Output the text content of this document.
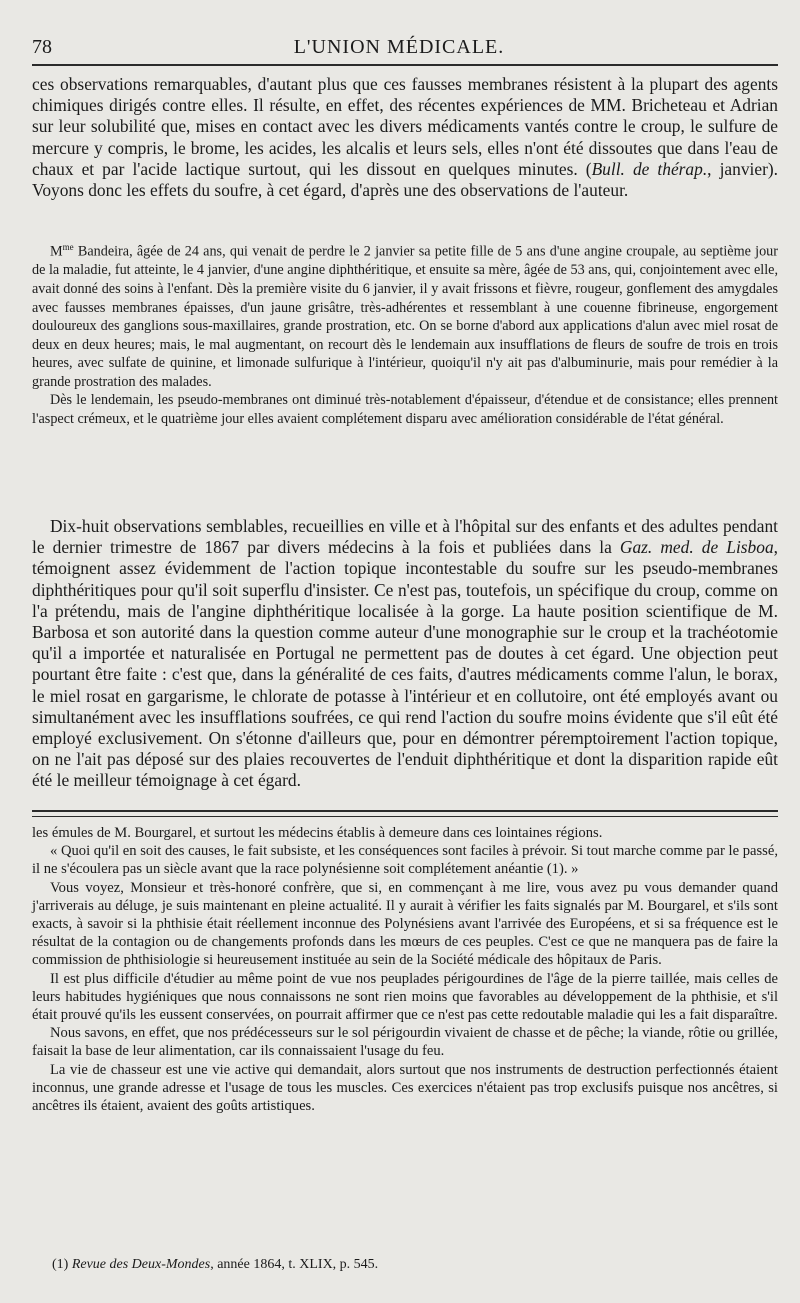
78	L'UNION MÉDICALE.

ces observations remarquables, d'autant plus que ces fausses membranes résistent à la plupart des agents chimiques dirigés contre elles. Il résulte, en effet, des récentes expériences de MM. Bricheteau et Adrian sur leur solubilité que, mises en contact avec les divers médicaments vantés contre le croup, le sulfure de mercure y compris, le brome, les acides, les alcalis et leurs sels, elles n'ont été dissoutes que dans l'eau de chaux et par l'acide lactique surtout, qui les dissout en quelques minutes. (Bull. de thérap., janvier). Voyons donc les effets du soufre, à cet égard, d'après une des observations de l'auteur.

$M^{me}$ Bandeira, âgée de 24 ans, qui venait de perdre le 2 janvier sa petite fille de 5 ans d'une angine croupale, au septième jour de la maladie, fut atteinte, le 4 janvier, d'une angine diphthéritique, et ensuite sa mère, âgée de 53 ans, qui, conjointement avec elle, avait donné des soins à l'enfant. Dès la première visite du 6 janvier, il y avait frissons et fièvre, rougeur, gonflement des amygdales avec fausses membranes épaisses, d'un jaune grisâtre, très-adhérentes et ressemblant à une couenne fibrineuse, engorgement douloureux des ganglions sous-maxillaires, grande prostration, etc. On se borne d'abord aux applications d'alun avec miel rosat de deux en deux heures; mais, le mal augmentant, on recourt dès le lendemain aux insufflations de fleurs de soufre de trois en trois heures, avec sulfate de quinine, et limonade sulfurique à l'intérieur, quoiqu'il n'y ait pas d'albuminurie, mais pour remédier à la grande prostration des malades.

Dès le lendemain, les pseudo-membranes ont diminué très-notablement d'épaisseur, d'étendue et de consistance; elles prennent l'aspect crémeux, et le quatrième jour elles avaient complétement disparu avec amélioration considérable de l'état général.

Dix-huit observations semblables, recueillies en ville et à l'hôpital sur des enfants et des adultes pendant le dernier trimestre de 1867 par divers médecins à la fois et publiées dans la Gaz. med. de Lisboa, témoignent assez évidemment de l'action topique incontestable du soufre sur les pseudo-membranes diphthéritiques pour qu'il soit superflu d'insister. Ce n'est pas, toutefois, un spécifique du croup, comme on l'a prétendu, mais de l'angine diphthéritique localisée à la gorge. La haute position scientifique de M. Barbosa et son autorité dans la question comme auteur d'une monographie sur le croup et la trachéotomie qu'il a importée et naturalisée en Portugal ne permettent pas de doutes à cet égard. Une objection peut pourtant être faite : c'est que, dans la généralité de ces faits, d'autres médicaments comme l'alun, le borax, le miel rosat en gargarisme, le chlorate de potasse à l'intérieur et en collutoire, ont été employés avant ou simultanément avec les insufflations soufrées, ce qui rend l'action du soufre moins évidente que s'il eût été employé exclusivement. On s'étonne d'ailleurs que, pour en démontrer péremptoirement l'action topique, on ne l'ait pas déposé sur des plaies recouvertes de l'enduit diphthéritique et dont la disparition rapide eût été le meilleur témoignage à cet égard.

les émules de M. Bourgarel, et surtout les médecins établis à demeure dans ces lointaines régions.

« Quoi qu'il en soit des causes, le fait subsiste, et les conséquences sont faciles à prévoir. Si tout marche comme par le passé, il ne s'écoulera pas un siècle avant que la race polynésienne soit complétement anéantie (1). »

Vous voyez, Monsieur et très-honoré confrère, que si, en commençant à me lire, vous avez pu vous demander quand j'arriverais au déluge, je suis maintenant en pleine actualité. Il y aurait à vérifier les faits signalés par M. Bourgarel, et s'ils sont exacts, à savoir si la phthisie était réellement inconnue des Polynésiens avant l'arrivée des Européens, et si sa fréquence est le résultat de la contagion ou de changements profonds dans les mœurs de ces peuples. C'est ce que ne manquera pas de faire la commission de phthisiologie si heureusement instituée au sein de la Société médicale des hôpitaux de Paris.

Il est plus difficile d'étudier au même point de vue nos peuplades périgourdines de l'âge de la pierre taillée, mais celles de leurs habitudes hygiéniques que nous connaissons ne sont rien moins que favorables au développement de la phthisie, et s'il était prouvé qu'ils les eussent conservées, on pourrait affirmer que ce n'est pas cette redoutable maladie qui les a fait disparaître.

Nous savons, en effet, que nos prédécesseurs sur le sol périgourdin vivaient de chasse et de pêche; la viande, rôtie ou grillée, faisait la base de leur alimentation, car ils connaissaient l'usage du feu.

La vie de chasseur est une vie active qui demandait, alors surtout que nos instruments de destruction perfectionnés étaient inconnus, une grande adresse et l'usage de tous les muscles. Ces exercices n'étaient pas trop exclusifs puisque nos ancêtres, si ancêtres ils étaient, avaient des goûts artistiques.

(1) Revue des Deux-Mondes, année 1864, t. XLIX, p. 545.
